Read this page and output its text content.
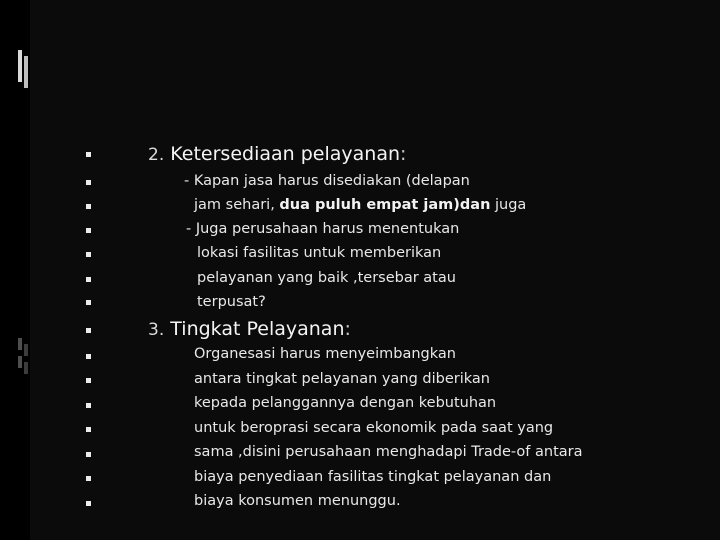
2. Ketersediaan pelayanan:
- Kapan jasa harus disediakan (delapan
jam sehari, dua puluh empat jam)dan juga
- Juga perusahaan harus menentukan
lokasi fasilitas untuk memberikan
pelayanan yang baik ,tersebar atau
terpusat?
3. Tingkat Pelayanan:
Organesasi harus menyeimbangkan
antara tingkat pelayanan yang diberikan
kepada pelanggannya dengan kebutuhan
untuk beroprasi secara ekonomik pada saat yang
sama ,disini perusahaan menghadapi Trade-of antara
biaya penyediaan fasilitas tingkat pelayanan dan
biaya konsumen menunggu.
